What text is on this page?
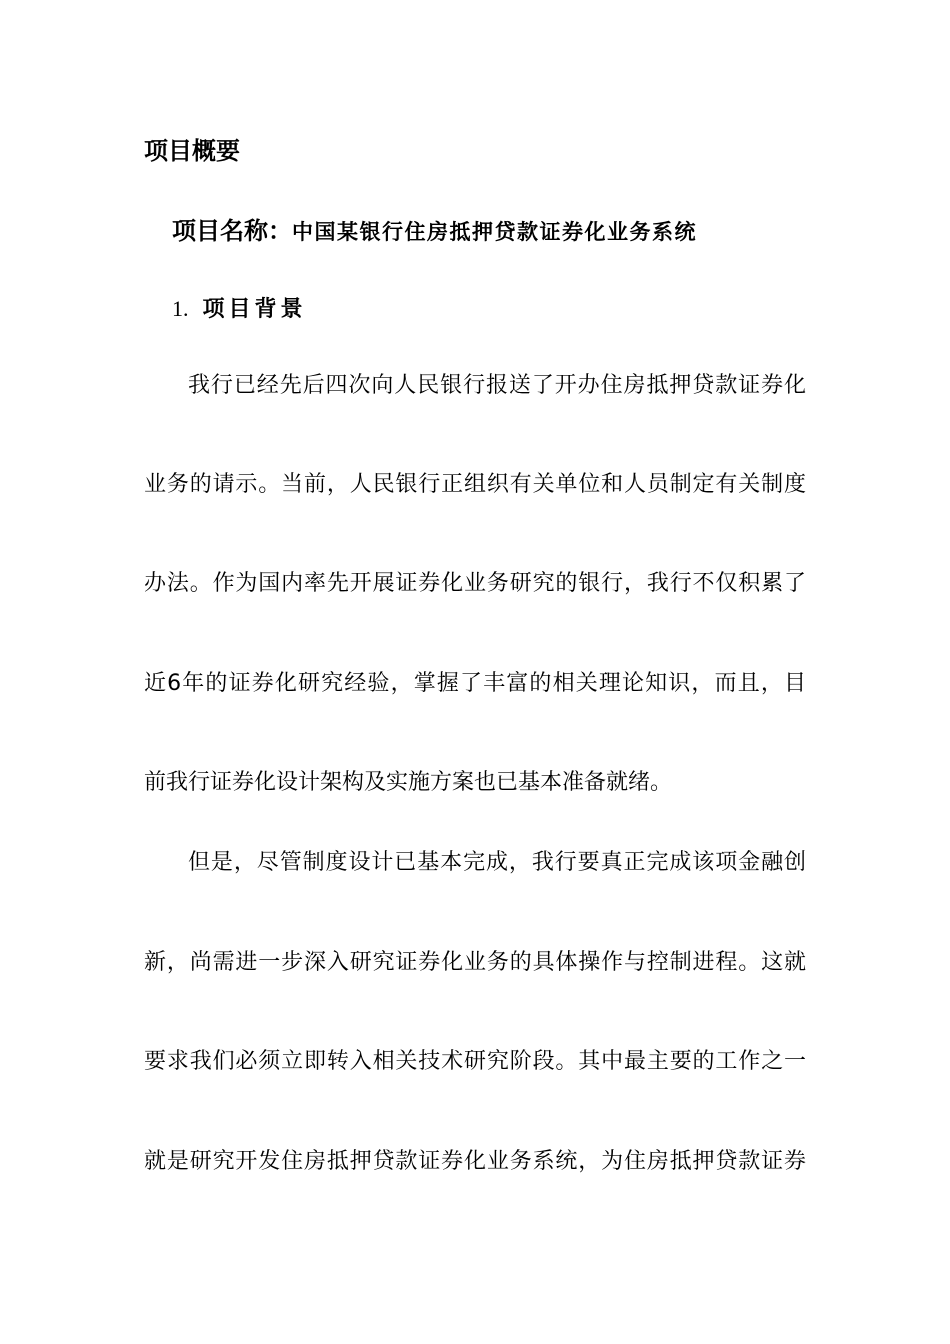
项目概要
项目名称：中国某银行住房抵押贷款证券化业务系统
1. 项目背景
我行已经先后四次向人民银行报送了开办住房抵押贷款证券化
业务的请示。当前，人民银行正组织有关单位和人员制定有关制度
办法。作为国内率先开展证券化业务研究的银行，我行不仅积累了
近6年的证券化研究经验，掌握了丰富的相关理论知识，而且，目
前我行证券化设计架构及实施方案也已基本准备就绪。
但是，尽管制度设计已基本完成，我行要真正完成该项金融创
新，尚需进一步深入研究证券化业务的具体操作与控制进程。这就
要求我们必须立即转入相关技术研究阶段。其中最主要的工作之一
就是研究开发住房抵押贷款证券化业务系统，为住房抵押贷款证券
